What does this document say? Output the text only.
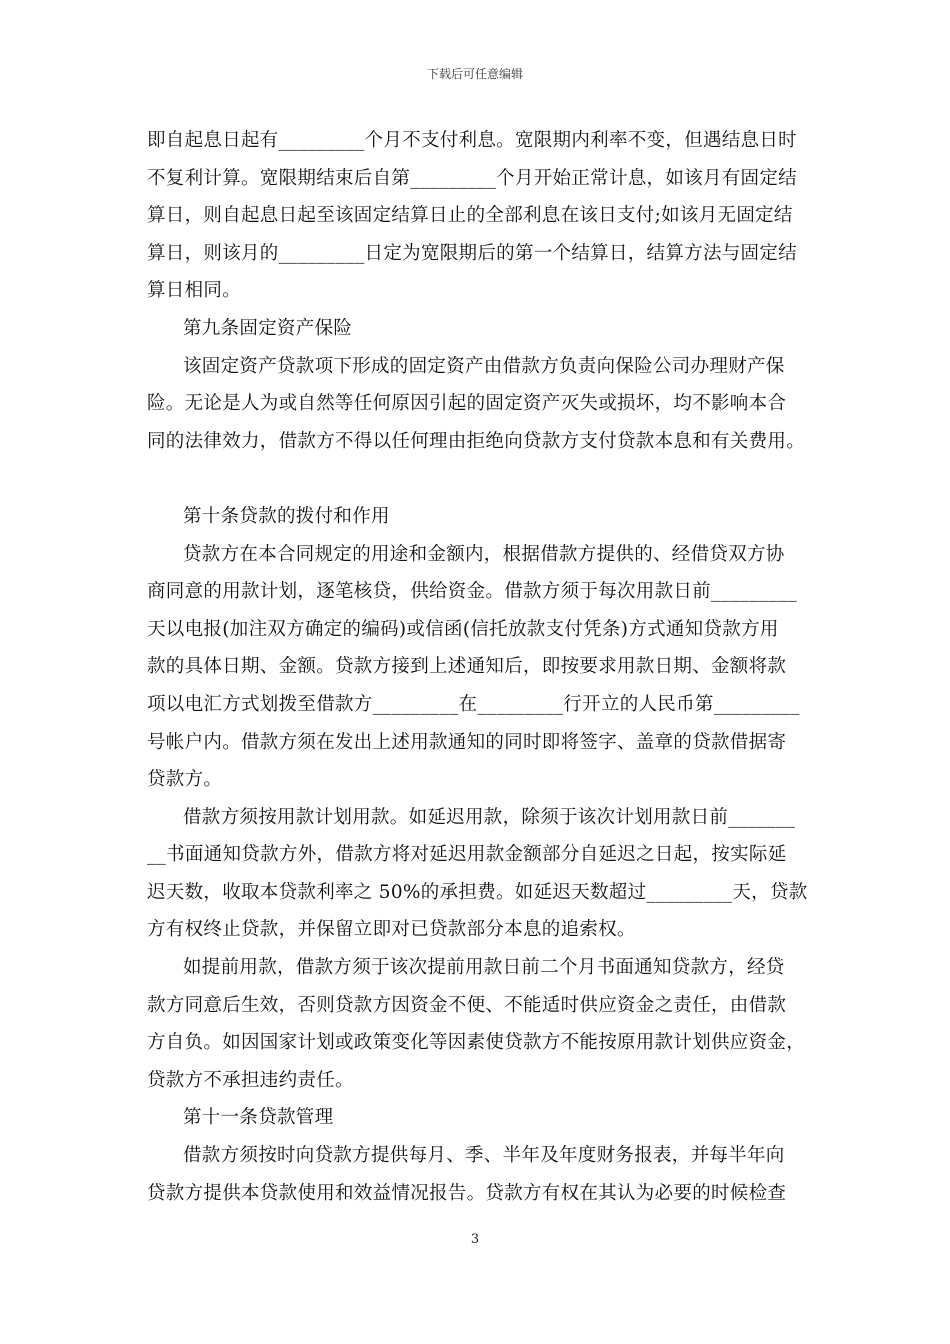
下载后可任意编辑
即自起息日起有_________个月不支付利息。宽限期内利率不变，但遇结息日时
不复利计算。宽限期结束后自第_________个月开始正常计息，如该月有固定结
算日，则自起息日起至该固定结算日止的全部利息在该日支付;如该月无固定结
算日，则该月的_________日定为宽限期后的第一个结算日，结算方法与固定结
算日相同。
第九条固定资产保险
该固定资产贷款项下形成的固定资产由借款方负责向保险公司办理财产保
险。无论是人为或自然等任何原因引起的固定资产灭失或损坏，均不影响本合
同的法律效力，借款方不得以任何理由拒绝向贷款方支付贷款本息和有关费用。
第十条贷款的拨付和作用
贷款方在本合同规定的用途和金额内，根据借款方提供的、经借贷双方协
商同意的用款计划，逐笔核贷，供给资金。借款方须于每次用款日前_________
天以电报(加注双方确定的编码)或信函(信托放款支付凭条)方式通知贷款方用
款的具体日期、金额。贷款方接到上述通知后，即按要求用款日期、金额将款
项以电汇方式划拨至借款方_________在_________行开立的人民币第_________
号帐户内。借款方须在发出上述用款通知的同时即将签字、盖章的贷款借据寄
贷款方。
借款方须按用款计划用款。如延迟用款，除须于该次计划用款日前_______
__书面通知贷款方外，借款方将对延迟用款金额部分自延迟之日起，按实际延
迟天数，收取本贷款利率之 50%的承担费。如延迟天数超过_________天，贷款
方有权终止贷款，并保留立即对已贷款部分本息的追索权。
如提前用款，借款方须于该次提前用款日前二个月书面通知贷款方，经贷
款方同意后生效，否则贷款方因资金不便、不能适时供应资金之责任，由借款
方自负。如因国家计划或政策变化等因素使贷款方不能按原用款计划供应资金，
贷款方不承担违约责任。
第十一条贷款管理
借款方须按时向贷款方提供每月、季、半年及年度财务报表，并每半年向
贷款方提供本贷款使用和效益情况报告。贷款方有权在其认为必要的时候检查
3
